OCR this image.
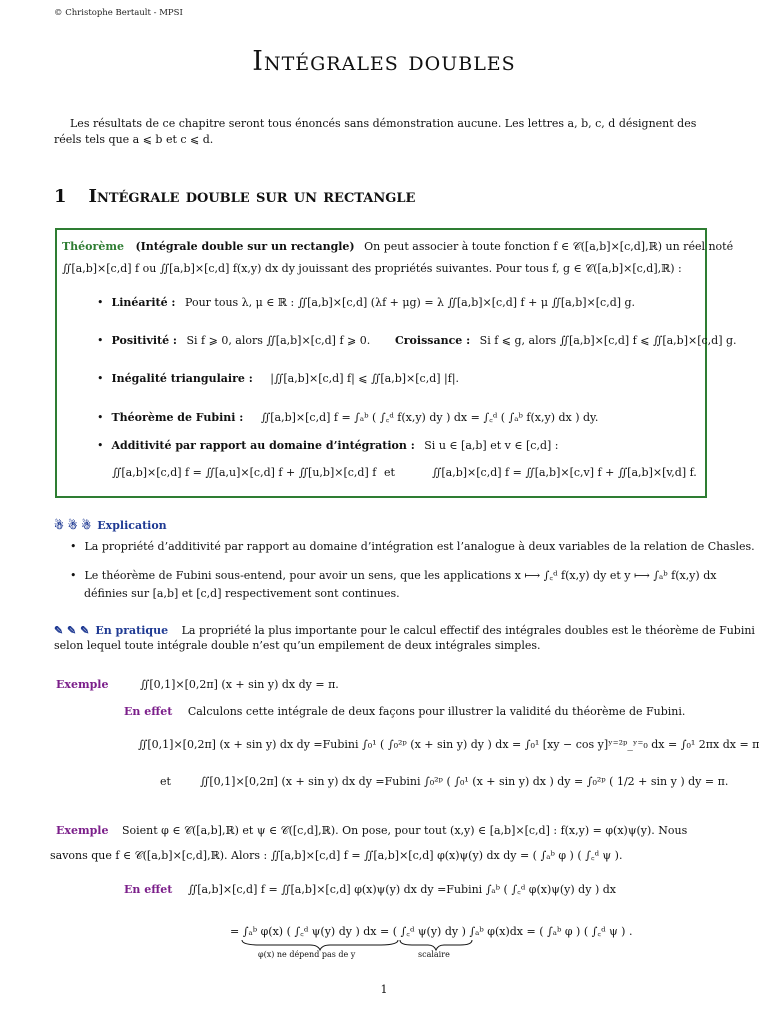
© Christophe Bertault - MPSI
Intégrales doubles
Les résultats de ce chapitre seront tous énoncés sans démonstration aucune. Les lettres a, b, c, d désignent des réels tels que a ⩽ b et c ⩽ d.
1 Intégrale double sur un rectangle
Théorème (Intégrale double sur un rectangle) On peut associer à toute fonction f ∈ 𝒞([a,b]×[c,d],ℝ) un réel noté
∬[a,b]×[c,d] f ou ∬[a,b]×[c,d] f(x,y) dx dy jouissant des propriétés suivantes. Pour tous f, g ∈ 𝒞([a,b]×[c,d],ℝ) :
• Linéarité : Pour tous λ, μ ∈ ℝ : ∬[a,b]×[c,d] (λf + μg) = λ ∬[a,b]×[c,d] f + μ ∬[a,b]×[c,d] g.
• Positivité : Si f ⩾ 0, alors ∬[a,b]×[c,d] f ⩾ 0. Croissance : Si f ⩽ g, alors ∬[a,b]×[c,d] f ⩽ ∬[a,b]×[c,d] g.
• Inégalité triangulaire : |∬[a,b]×[c,d] f| ⩽ ∬[a,b]×[c,d] |f|.
• Théorème de Fubini : ∬[a,b]×[c,d] f = ∫ₐᵇ ( ∫꜀ᵈ f(x,y) dy ) dx = ∫꜀ᵈ ( ∫ₐᵇ f(x,y) dx ) dy.
• Additivité par rapport au domaine d’intégration : Si u ∈ [a,b] et v ∈ [c,d] :
∬[a,b]×[c,d] f = ∬[a,u]×[c,d] f + ∬[u,b]×[c,d] f et	∬[a,b]×[c,d] f = ∬[a,b]×[c,v] f + ∬[a,b]×[v,d] f.
☃ ☃ ☃ Explication
• La propriété d’additivité par rapport au domaine d’intégration est l’analogue à deux variables de la relation de Chasles.
• Le théorème de Fubini sous-entend, pour avoir un sens, que les applications x ⟼ ∫꜀ᵈ f(x,y) dy et y ⟼ ∫ₐᵇ f(x,y) dx
définies sur [a,b] et [c,d] respectivement sont continues.
✎ ✎ ✎ En pratique La propriété la plus importante pour le calcul effectif des intégrales doubles est le théorème de Fubini
selon lequel toute intégrale double n’est qu’un empilement de deux intégrales simples.
Exemple	∬[0,1]×[0,2π] (x + sin y) dx dy = π.
En effet Calculons cette intégrale de deux façons pour illustrer la validité du théorème de Fubini.
∬[0,1]×[0,2π] (x + sin y) dx dy =Fubini ∫₀¹ ( ∫₀²ᵖ (x + sin y) dy ) dx = ∫₀¹ [xy − cos y]ʸ⁼²ᵖ_ʸ⁼₀ dx = ∫₀¹ 2πx dx = π
et	∬[0,1]×[0,2π] (x + sin y) dx dy =Fubini ∫₀²ᵖ ( ∫₀¹ (x + sin y) dx ) dy = ∫₀²ᵖ ( 1/2 + sin y ) dy = π.
Exemple Soient φ ∈ 𝒞([a,b],ℝ) et ψ ∈ 𝒞([c,d],ℝ). On pose, pour tout (x,y) ∈ [a,b]×[c,d] : f(x,y) = φ(x)ψ(y). Nous
savons que f ∈ 𝒞([a,b]×[c,d],ℝ). Alors : ∬[a,b]×[c,d] f = ∬[a,b]×[c,d] φ(x)ψ(y) dx dy = ( ∫ₐᵇ φ ) ( ∫꜀ᵈ ψ ).
En effet ∬[a,b]×[c,d] f = ∬[a,b]×[c,d] φ(x)ψ(y) dx dy =Fubini ∫ₐᵇ ( ∫꜀ᵈ φ(x)ψ(y) dy ) dx
= ∫ₐᵇ φ(x) ( ∫꜀ᵈ ψ(y) dy ) dx = ( ∫꜀ᵈ ψ(y) dy ) ∫ₐᵇ φ(x)dx = ( ∫ₐᵇ φ ) ( ∫꜀ᵈ ψ ) .
φ(x) ne dépend pas de y	scalaire
1
